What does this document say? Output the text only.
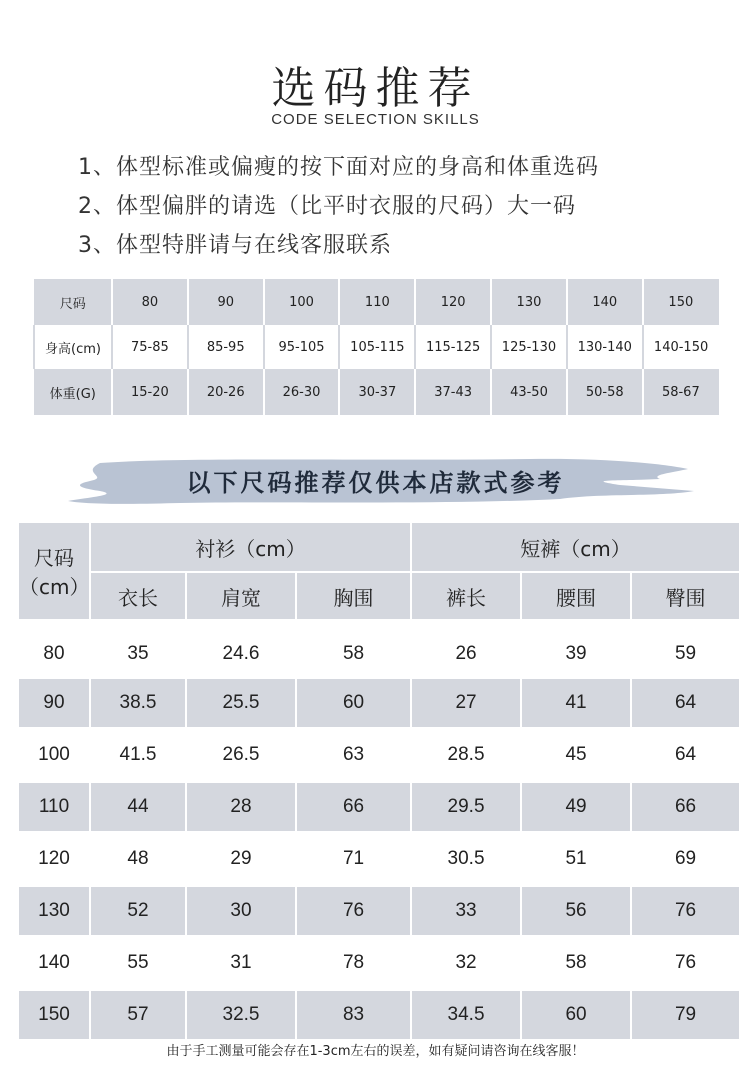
选码推荐
CODE SELECTION SKILLS
1、体型标准或偏瘦的按下面对应的身高和体重选码
2、体型偏胖的请选（比平时衣服的尺码）大一码
3、体型特胖请与在线客服联系
尺码	80	90	100	110	120	130	140	150
身高(cm)	75-85	85-95	95-105	105-115	115-125	125-130	130-140	140-150
体重(G)	15-20	20-26	26-30	30-37	37-43	43-50	50-58	58-67
以下尺码推荐仅供本店款式参考
尺码（cm）	衬衫（cm）			短裤（cm）		
	衣长	肩宽	胸围	裤长	腰围	臀围

80	35	24.6	58	26	39	59
90	38.5	25.5	60	27	41	64
100	41.5	26.5	63	28.5	45	64
110	44	28	66	29.5	49	66
120	48	29	71	30.5	51	69
130	52	30	76	33	56	76
140	55	31	78	32	58	76
150	57	32.5	83	34.5	60	79
由于手工测量可能会存在1-3cm左右的误差，如有疑问请咨询在线客服！
